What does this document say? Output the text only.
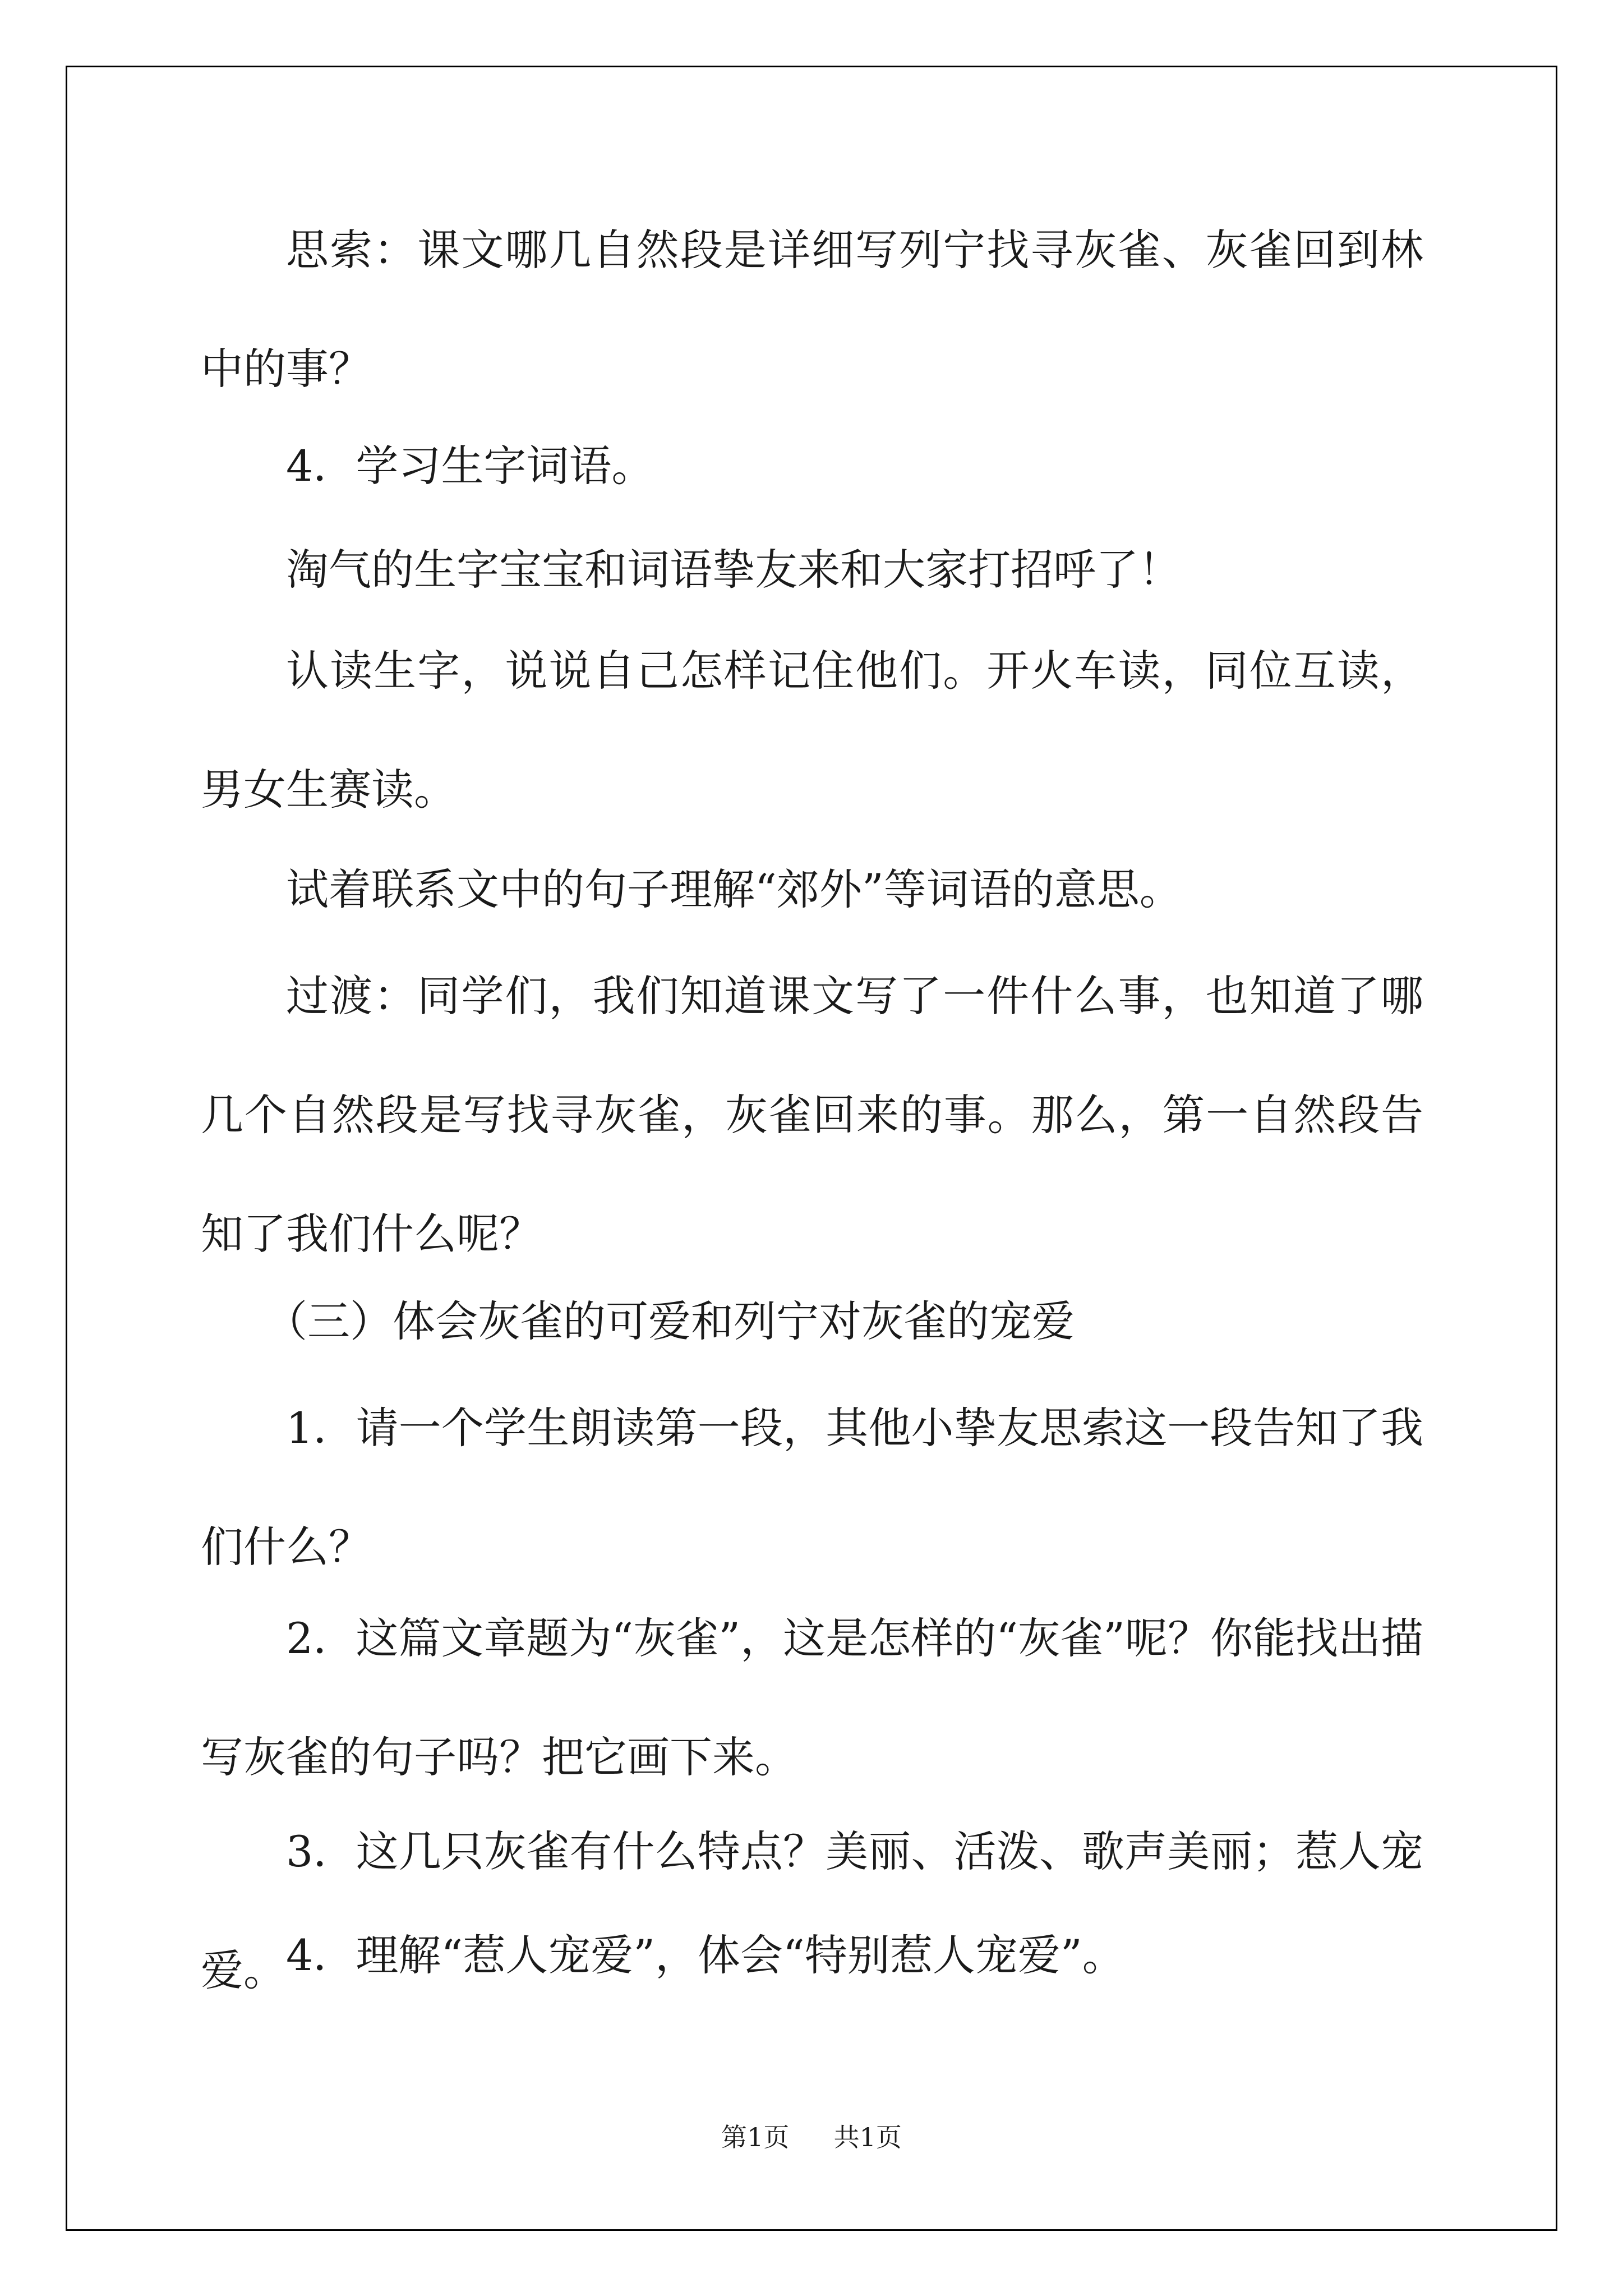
思索：课文哪几自然段是详细写列宁找寻灰雀、灰雀回到林中的事？

4．学习生字词语。

淘气的生字宝宝和词语挚友来和大家打招呼了！

认读生字，说说自己怎样记住他们。开火车读，同位互读，男女生赛读。

试着联系文中的句子理解“郊外”等词语的意思。

过渡：同学们，我们知道课文写了一件什么事，也知道了哪几个自然段是写找寻灰雀，灰雀回来的事。那么，第一自然段告知了我们什么呢？

（三）体会灰雀的可爱和列宁对灰雀的宠爱

1．请一个学生朗读第一段，其他小挚友思索这一段告知了我们什么？

2．这篇文章题为“灰雀”，这是怎样的“灰雀”呢？你能找出描写灰雀的句子吗？把它画下来。

3．这几只灰雀有什么特点？美丽、活泼、歌声美丽；惹人宠爱。 4．理解“惹人宠爱”，体会“特别惹人宠爱”。

第1页 共1页
